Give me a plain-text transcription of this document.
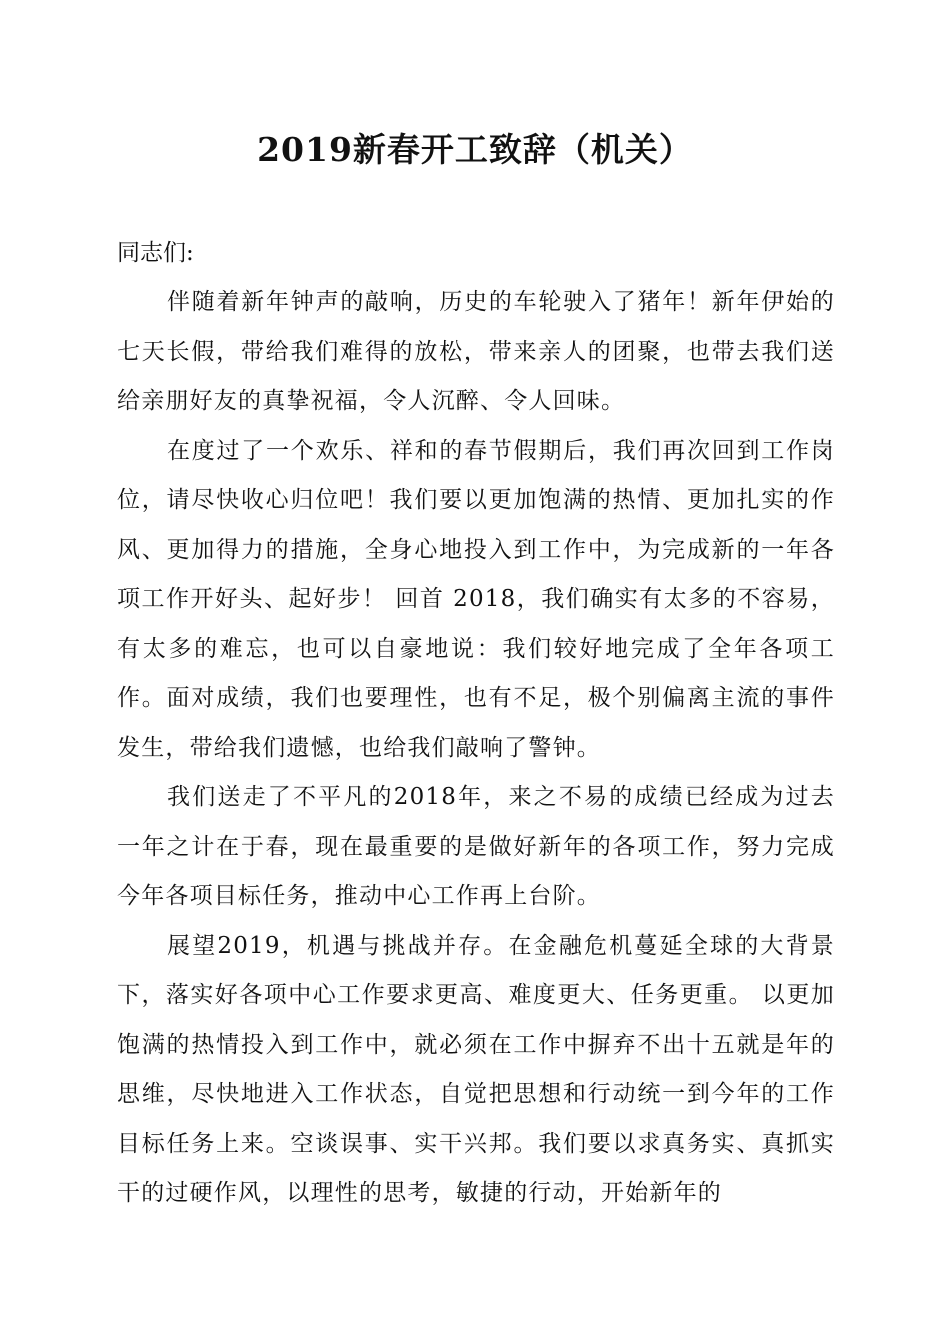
2019新春开工致辞（机关）

同志们:

伴随着新年钟声的敲响，历史的车轮驶入了猪年！新年伊始的七天长假，带给我们难得的放松，带来亲人的团聚，也带去我们送给亲朋好友的真挚祝福，令人沉醉、令人回味。

在度过了一个欢乐、祥和的春节假期后，我们再次回到工作岗位，请尽快收心归位吧！我们要以更加饱满的热情、更加扎实的作风、更加得力的措施，全身心地投入到工作中，为完成新的一年各项工作开好头、起好步！ 回首 2018，我们确实有太多的不容易，有太多的难忘，也可以自豪地说：我们较好地完成了全年各项工作。面对成绩，我们也要理性，也有不足，极个别偏离主流的事件发生，带给我们遗憾，也给我们敲响了警钟。

我们送走了不平凡的2018年，来之不易的成绩已经成为过去一年之计在于春，现在最重要的是做好新年的各项工作，努力完成今年各项目标任务，推动中心工作再上台阶。

展望2019，机遇与挑战并存。在金融危机蔓延全球的大背景下，落实好各项中心工作要求更高、难度更大、任务更重。 以更加饱满的热情投入到工作中，就必须在工作中摒弃不出十五就是年的思维，尽快地进入工作状态，自觉把思想和行动统一到今年的工作目标任务上来。空谈误事、实干兴邦。我们要以求真务实、真抓实干的过硬作风，以理性的思考，敏捷的行动，开始新年的
